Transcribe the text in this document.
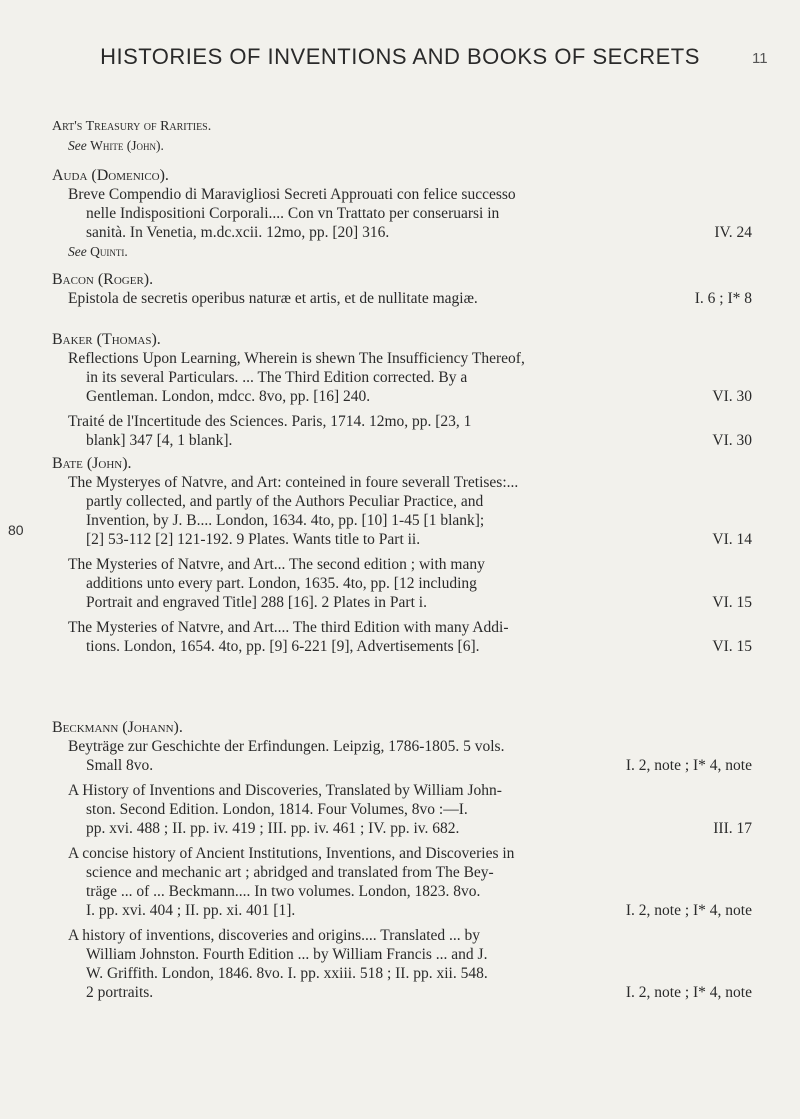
HISTORIES OF INVENTIONS AND BOOKS OF SECRETS	11
80
Art's Treasury of Rarities.
See White (John).
Auda (Domenico).
Breve Compendio di Maravigliosi Secreti Approuati con felice successo
nelle Indispositioni Corporali.... Con vn Trattato per conseruarsi in
sanità. In Venetia, m.dc.xcii. 12mo, pp. [20] 316.	IV. 24
See Quinti.
Bacon (Roger).
Epistola de secretis operibus naturæ et artis, et de nullitate magiæ.	I. 6 ; I* 8
Baker (Thomas).
Reflections Upon Learning, Wherein is shewn The Insufficiency Thereof,
in its several Particulars. ... The Third Edition corrected. By a
Gentleman. London, mdcc. 8vo, pp. [16] 240.	VI. 30
Traité de l'Incertitude des Sciences. Paris, 1714. 12mo, pp. [23, 1
blank] 347 [4, 1 blank].	VI. 30
Bate (John).
The Mysteryes of Natvre, and Art: conteined in foure severall Tretises:...
partly collected, and partly of the Authors Peculiar Practice, and
Invention, by J. B.... London, 1634. 4to, pp. [10] 1-45 [1 blank];
[2] 53-112 [2] 121-192. 9 Plates. Wants title to Part ii.	VI. 14
The Mysteries of Natvre, and Art... The second edition ; with many
additions unto every part. London, 1635. 4to, pp. [12 including
Portrait and engraved Title] 288 [16]. 2 Plates in Part i.	VI. 15
The Mysteries of Natvre, and Art.... The third Edition with many Addi-
tions. London, 1654. 4to, pp. [9] 6-221 [9], Advertisements [6].	VI. 15
Beckmann (Johann).
Beyträge zur Geschichte der Erfindungen. Leipzig, 1786-1805. 5 vols.
Small 8vo.	I. 2, note ; I* 4, note
A History of Inventions and Discoveries, Translated by William John-
ston. Second Edition. London, 1814. Four Volumes, 8vo :—I.
pp. xvi. 488 ; II. pp. iv. 419 ; III. pp. iv. 461 ; IV. pp. iv. 682.	III. 17
A concise history of Ancient Institutions, Inventions, and Discoveries in
science and mechanic art ; abridged and translated from The Bey-
träge ... of ... Beckmann.... In two volumes. London, 1823. 8vo.
I. pp. xvi. 404 ; II. pp. xi. 401 [1].	I. 2, note ; I* 4, note
A history of inventions, discoveries and origins.... Translated ... by
William Johnston. Fourth Edition ... by William Francis ... and J.
W. Griffith. London, 1846. 8vo. I. pp. xxiii. 518 ; II. pp. xii. 548.
2 portraits.	I. 2, note ; I* 4, note
